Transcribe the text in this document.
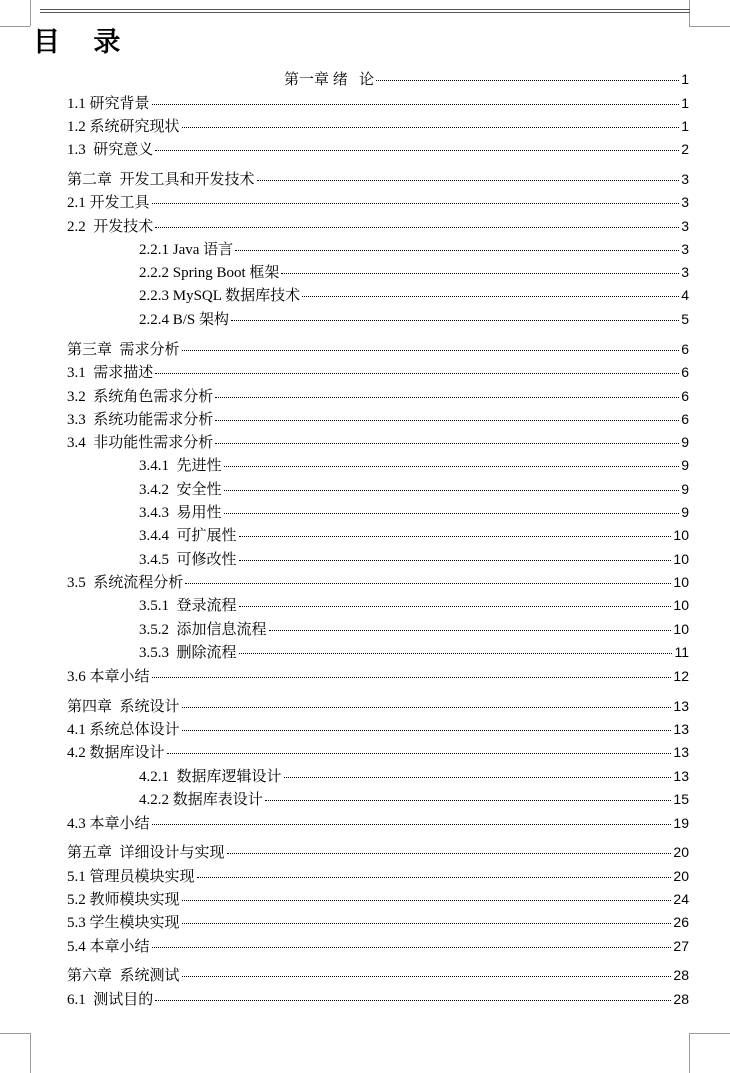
目 录
第一章 绪   论	1
1.1 研究背景	1
1.2 系统研究现状	1
1.3  研究意义	2
第二章  开发工具和开发技术	3
2.1 开发工具	3
2.2  开发技术	3
2.2.1 Java 语言	3
2.2.2 Spring Boot 框架	3
2.2.3 MySQL 数据库技术	4
2.2.4 B/S 架构	5
第三章  需求分析	6
3.1  需求描述	6
3.2  系统角色需求分析	6
3.3  系统功能需求分析	6
3.4  非功能性需求分析	9
3.4.1  先进性	9
3.4.2  安全性	9
3.4.3  易用性	9
3.4.4  可扩展性	10
3.4.5  可修改性	10
3.5  系统流程分析	10
3.5.1  登录流程	10
3.5.2  添加信息流程	10
3.5.3  删除流程	11
3.6 本章小结	12
第四章  系统设计	13
4.1 系统总体设计	13
4.2 数据库设计	13
4.2.1  数据库逻辑设计	13
4.2.2 数据库表设计	15
4.3 本章小结	19
第五章  详细设计与实现	20
5.1 管理员模块实现	20
5.2 教师模块实现	24
5.3 学生模块实现	26
5.4 本章小结	27
第六章  系统测试	28
6.1  测试目的	28
